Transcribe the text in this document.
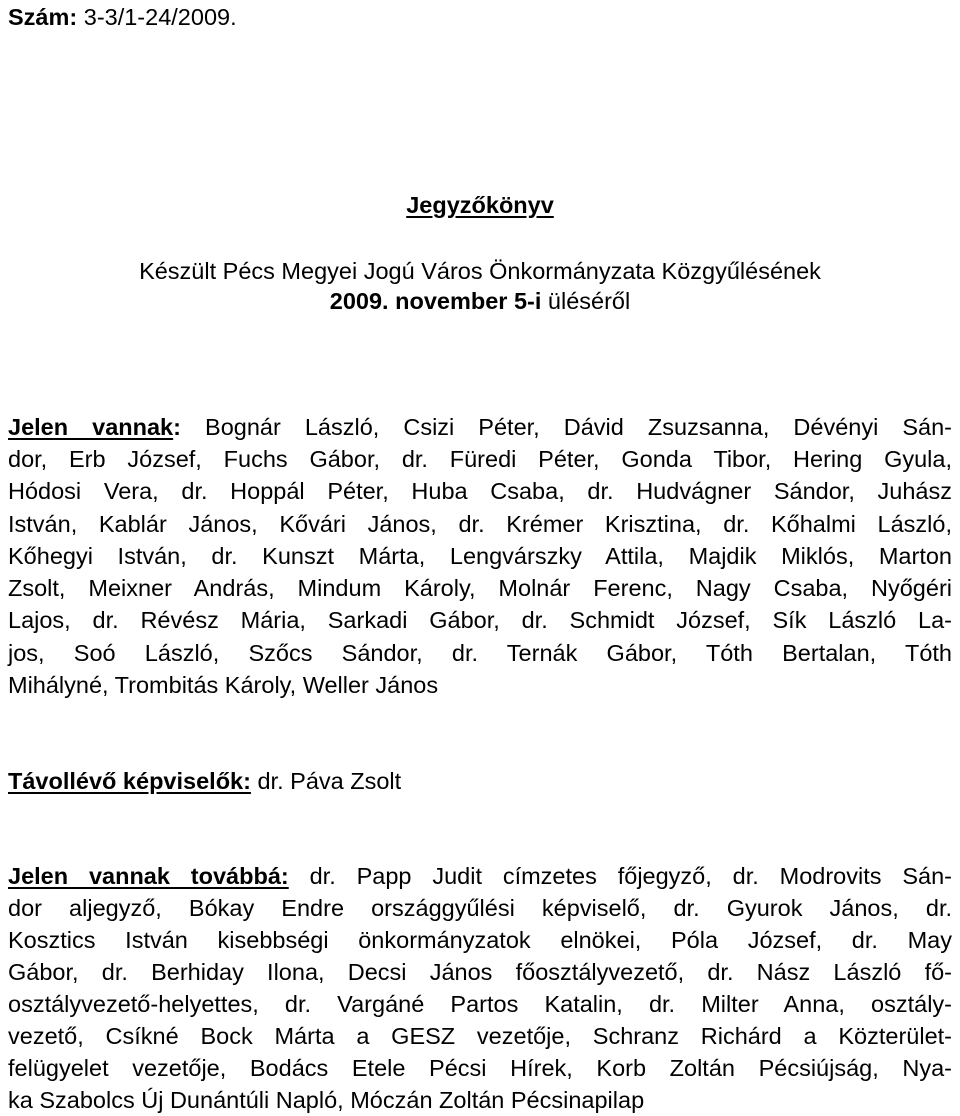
Szám: 3-3/1-24/2009.
Jegyzőkönyv
Készült Pécs Megyei Jogú Város Önkormányzata Közgyűlésének
2009. november 5-i üléséről
Jelen vannak: Bognár László, Csizi Péter, Dávid Zsuzsanna, Dévényi Sán-
dor, Erb József, Fuchs Gábor, dr. Füredi Péter, Gonda Tibor, Hering Gyula,
Hódosi Vera, dr. Hoppál Péter, Huba Csaba, dr. Hudvágner Sándor, Juhász
István, Kablár János, Kővári János, dr. Krémer Krisztina, dr. Kőhalmi László,
Kőhegyi István, dr. Kunszt Márta, Lengvárszky Attila, Majdik Miklós, Marton
Zsolt, Meixner András, Mindum Károly, Molnár Ferenc, Nagy Csaba, Nyőgéri
Lajos, dr. Révész Mária, Sarkadi Gábor, dr. Schmidt József, Sík László La-
jos, Soó László, Szőcs Sándor, dr. Ternák Gábor, Tóth Bertalan, Tóth
Mihályné, Trombitás Károly, Weller János
Távollévő képviselők: dr. Páva Zsolt
Jelen vannak továbbá: dr. Papp Judit címzetes főjegyző, dr. Modrovits Sán-
dor aljegyző, Bókay Endre országgyűlési képviselő, dr. Gyurok János, dr.
Kosztics István kisebbségi önkormányzatok elnökei, Póla József, dr. May
Gábor, dr. Berhiday Ilona, Decsi János főosztályvezető, dr. Nász László fő-
osztályvezető-helyettes, dr. Vargáné Partos Katalin, dr. Milter Anna, osztály-
vezető, Csíkné Bock Márta a GESZ vezetője, Schranz Richárd a Közterület-
felügyelet vezetője, Bodács Etele Pécsi Hírek, Korb Zoltán Pécsiújság, Nya-
ka Szabolcs Új Dunántúli Napló, Móczán Zoltán Pécsinapilap
